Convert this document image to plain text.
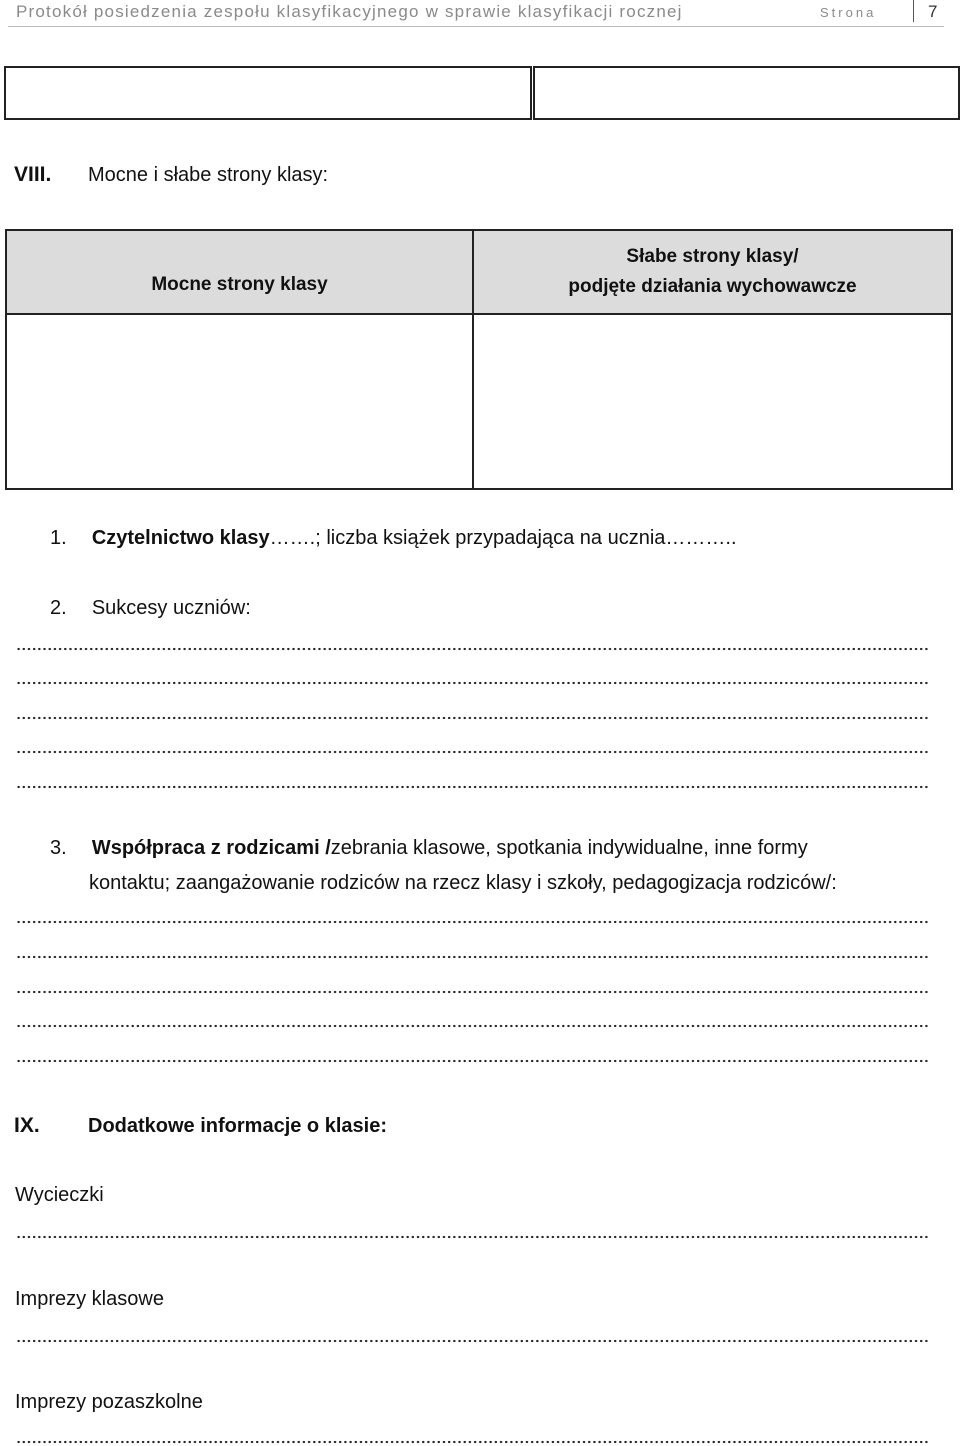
Protokół posiedzenia zespołu klasyfikacyjnego w sprawie klasyfikacji rocznej	Strona	7
VIII. Mocne i słabe strony klasy:
Mocne strony klasy
Słabe strony klasy/
podjęte działania wychowawcze
1. Czytelnictwo klasy…….; liczba książek przypadająca na ucznia………..
2. Sukcesy uczniów:
3. Współpraca z rodzicami /zebrania klasowe, spotkania indywidualne, inne formy
kontaktu; zaangażowanie rodziców na rzecz klasy i szkoły, pedagogizacja rodziców/:
IX. Dodatkowe informacje o klasie:
Wycieczki
Imprezy klasowe
Imprezy pozaszkolne
